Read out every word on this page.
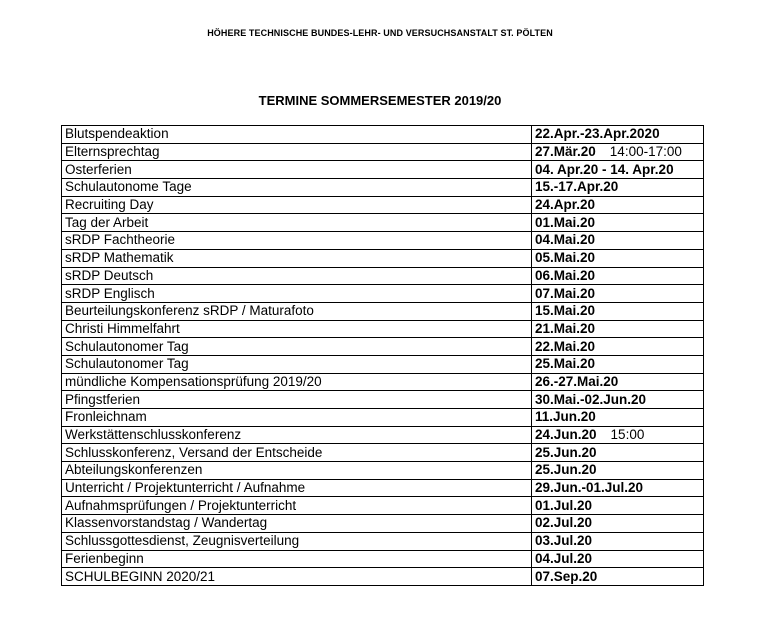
HÖHERE TECHNISCHE BUNDES-LEHR- UND VERSUCHSANSTALT ST. PÖLTEN
TERMINE SOMMERSEMESTER 2019/20
Blutspendeaktion	22.Apr.-23.Apr.2020
Elternsprechtag	27.Mär.20 14:00-17:00
Osterferien	04. Apr.20 - 14. Apr.20
Schulautonome Tage	15.-17.Apr.20
Recruiting Day	24.Apr.20
Tag der Arbeit	01.Mai.20
sRDP Fachtheorie	04.Mai.20
sRDP Mathematik	05.Mai.20
sRDP Deutsch	06.Mai.20
sRDP Englisch	07.Mai.20
Beurteilungskonferenz sRDP / Maturafoto	15.Mai.20
Christi Himmelfahrt	21.Mai.20
Schulautonomer Tag	22.Mai.20
Schulautonomer Tag	25.Mai.20
mündliche Kompensationsprüfung 2019/20	26.-27.Mai.20
Pfingstferien	30.Mai.-02.Jun.20
Fronleichnam	11.Jun.20
Werkstättenschlusskonferenz	24.Jun.20 15:00
Schlusskonferenz, Versand der Entscheide	25.Jun.20
Abteilungskonferenzen	25.Jun.20
Unterricht / Projektunterricht / Aufnahme	29.Jun.-01.Jul.20
Aufnahmsprüfungen / Projektunterricht	01.Jul.20
Klassenvorstandstag / Wandertag	02.Jul.20
Schlussgottesdienst, Zeugnisverteilung	03.Jul.20
Ferienbeginn	04.Jul.20
SCHULBEGINN 2020/21	07.Sep.20
